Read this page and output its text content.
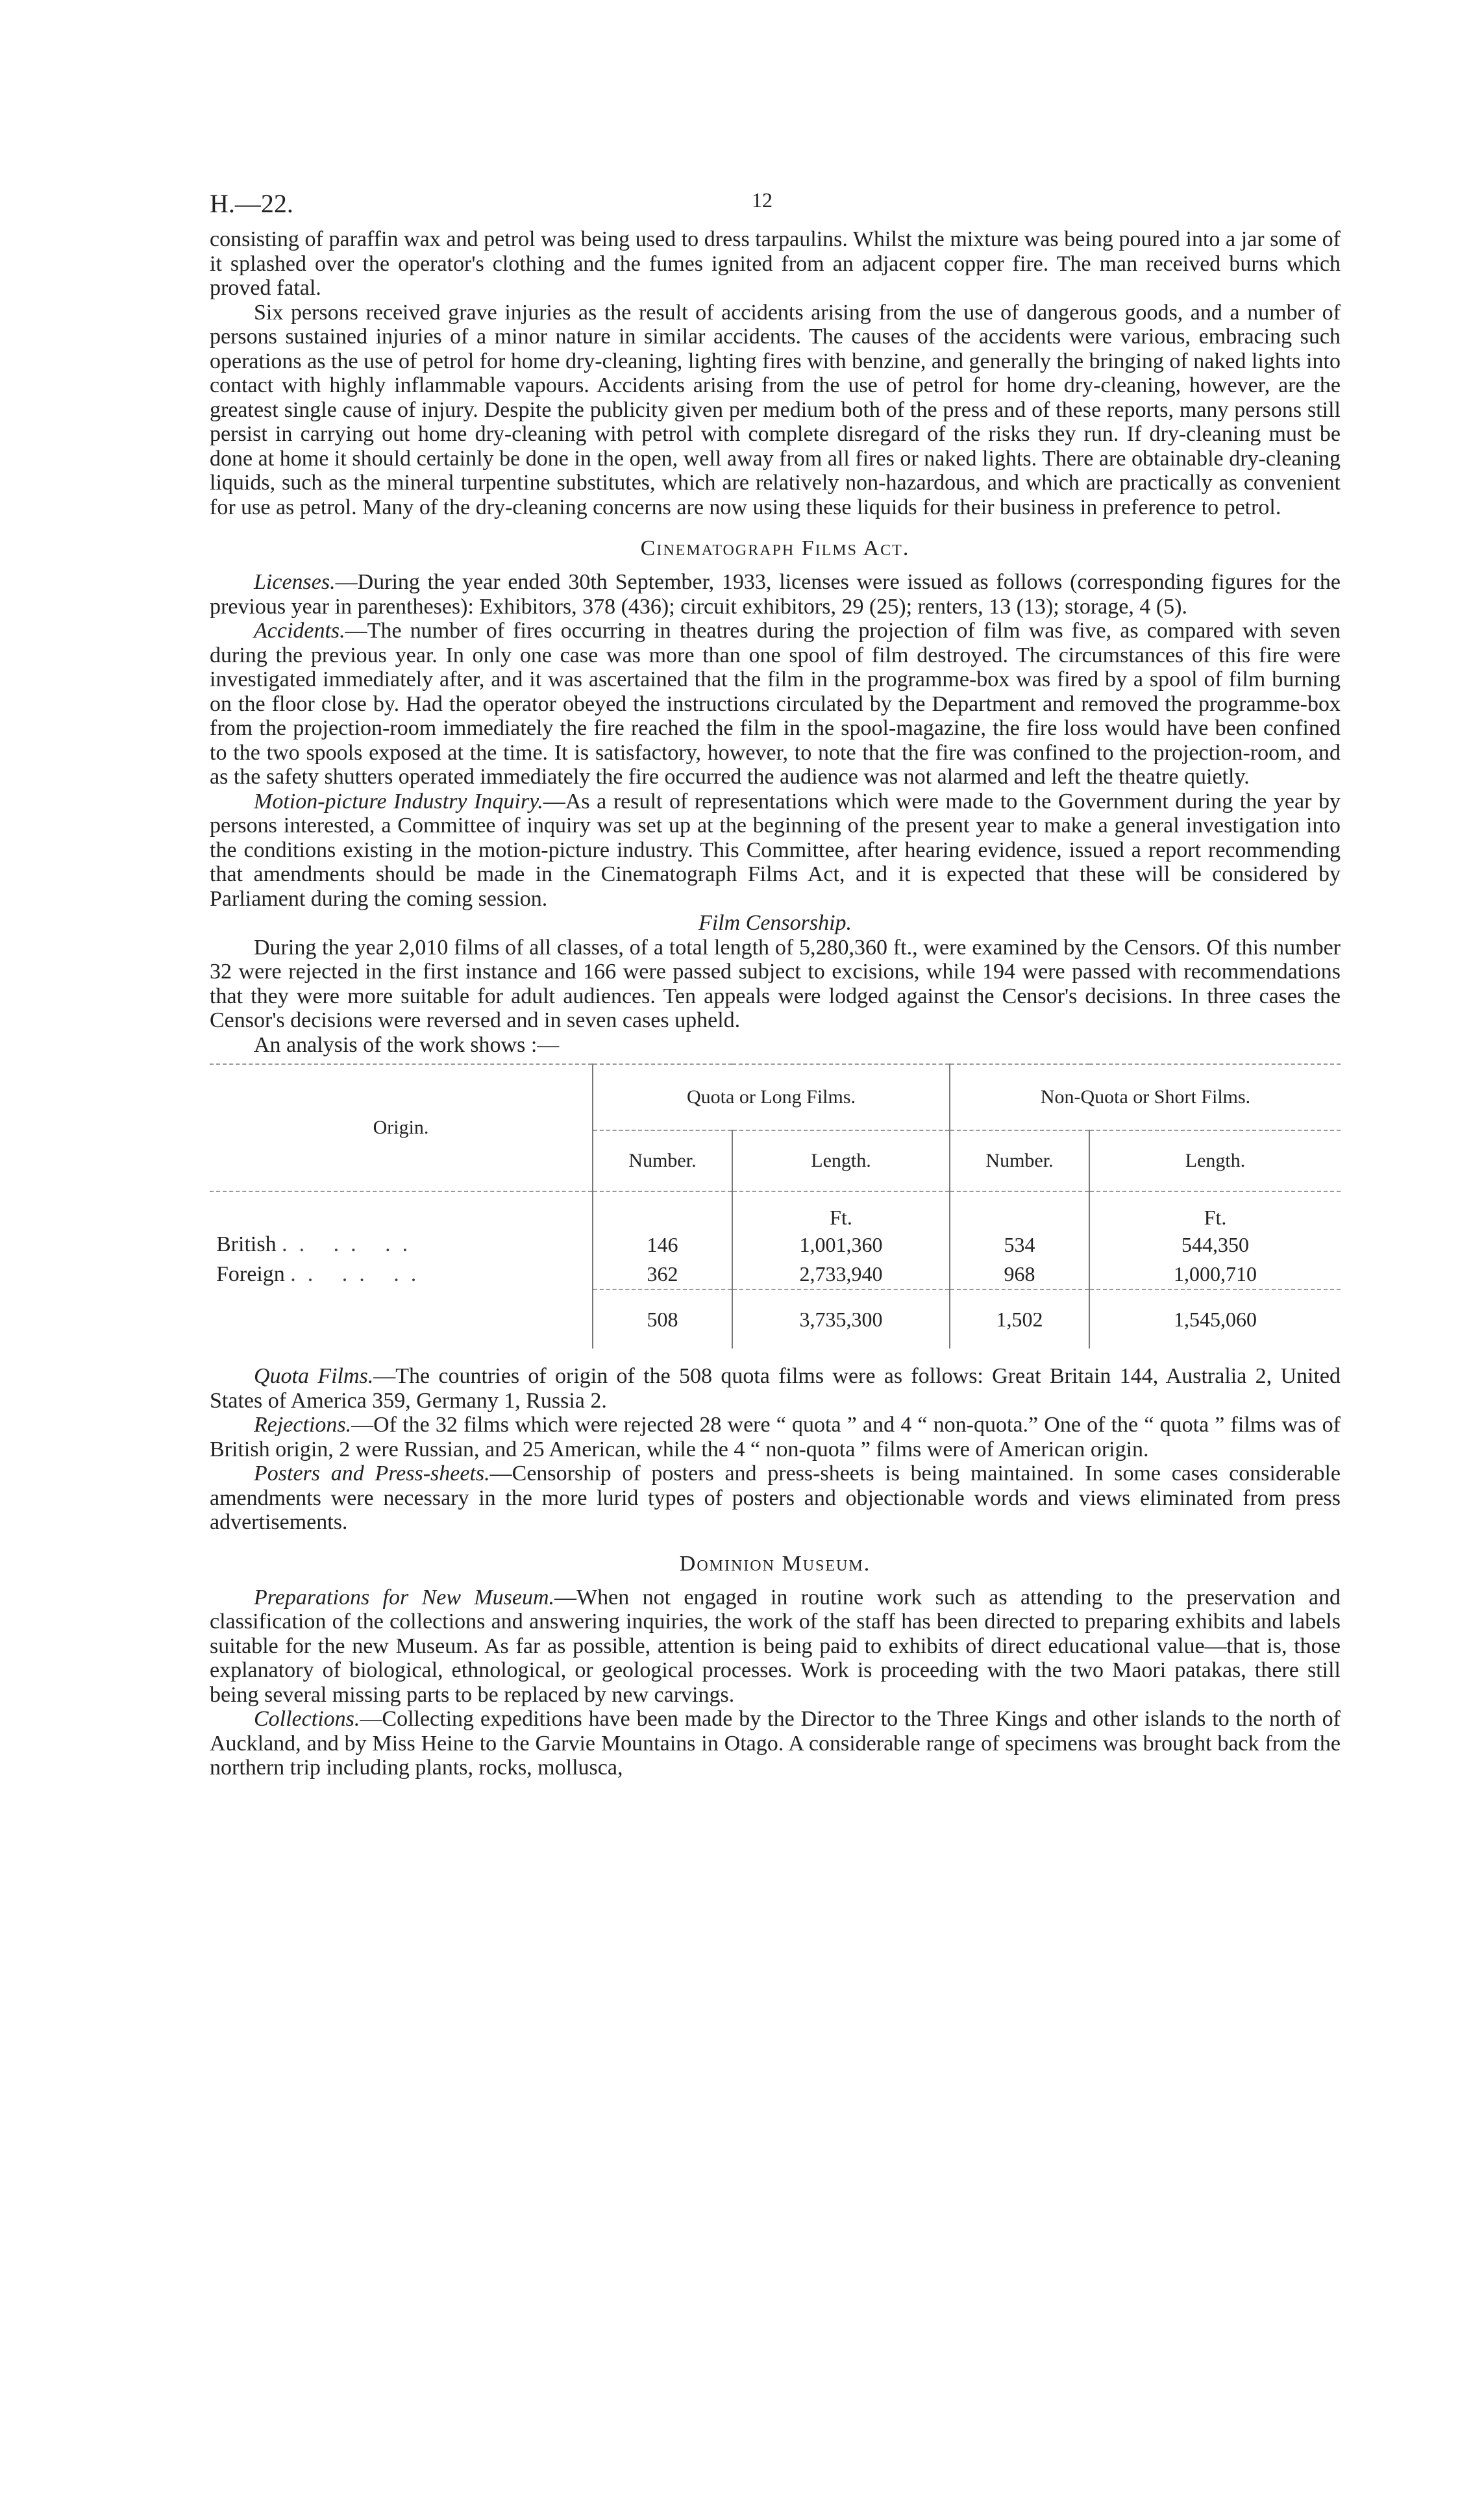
H.—22.	12

consisting of paraffin wax and petrol was being used to dress tarpaulins. Whilst the mixture was being poured into a jar some of it splashed over the operator's clothing and the fumes ignited from an adjacent copper fire. The man received burns which proved fatal.

Six persons received grave injuries as the result of accidents arising from the use of dangerous goods, and a number of persons sustained injuries of a minor nature in similar accidents. The causes of the accidents were various, embracing such operations as the use of petrol for home dry-cleaning, lighting fires with benzine, and generally the bringing of naked lights into contact with highly inflammable vapours. Accidents arising from the use of petrol for home dry-cleaning, however, are the greatest single cause of injury. Despite the publicity given per medium both of the press and of these reports, many persons still persist in carrying out home dry-cleaning with petrol with complete disregard of the risks they run. If dry-cleaning must be done at home it should certainly be done in the open, well away from all fires or naked lights. There are obtainable dry-cleaning liquids, such as the mineral turpentine substitutes, which are relatively non-hazardous, and which are practically as convenient for use as petrol. Many of the dry-cleaning concerns are now using these liquids for their business in preference to petrol.

Cinematograph Films Act.

Licenses.—During the year ended 30th September, 1933, licenses were issued as follows (corresponding figures for the previous year in parentheses): Exhibitors, 378 (436); circuit exhibitors, 29 (25); renters, 13 (13); storage, 4 (5).

Accidents.—The number of fires occurring in theatres during the projection of film was five, as compared with seven during the previous year. In only one case was more than one spool of film destroyed. The circumstances of this fire were investigated immediately after, and it was ascertained that the film in the programme-box was fired by a spool of film burning on the floor close by. Had the operator obeyed the instructions circulated by the Department and removed the programme-box from the projection-room immediately the fire reached the film in the spool-magazine, the fire loss would have been confined to the two spools exposed at the time. It is satisfactory, however, to note that the fire was confined to the projection-room, and as the safety shutters operated immediately the fire occurred the audience was not alarmed and left the theatre quietly.

Motion-picture Industry Inquiry.—As a result of representations which were made to the Government during the year by persons interested, a Committee of inquiry was set up at the beginning of the present year to make a general investigation into the conditions existing in the motion-picture industry. This Committee, after hearing evidence, issued a report recommending that amendments should be made in the Cinematograph Films Act, and it is expected that these will be considered by Parliament during the coming session.

Film Censorship.

During the year 2,010 films of all classes, of a total length of 5,280,360 ft., were examined by the Censors. Of this number 32 were rejected in the first instance and 166 were passed subject to excisions, while 194 were passed with recommendations that they were more suitable for adult audiences. Ten appeals were lodged against the Censor's decisions. In three cases the Censor's decisions were reversed and in seven cases upheld.

An analysis of the work shows :—

Origin.	Quota or Long Films.		Non-Quota or Short Films.	
	Number.	Length.	Number.	Length.
		Ft.		Ft.
British .. .. ..	146	1,001,360	534	544,350
Foreign .. .. ..	362	2,733,940	968	1,000,710
	508	3,735,300	1,502	1,545,060

Quota Films.—The countries of origin of the 508 quota films were as follows: Great Britain 144, Australia 2, United States of America 359, Germany 1, Russia 2.

Rejections.—Of the 32 films which were rejected 28 were “ quota ” and 4 “ non-quota.” One of the “ quota ” films was of British origin, 2 were Russian, and 25 American, while the 4 “ non-quota ” films were of American origin.

Posters and Press-sheets.—Censorship of posters and press-sheets is being maintained. In some cases considerable amendments were necessary in the more lurid types of posters and objectionable words and views eliminated from press advertisements.

Dominion Museum.

Preparations for New Museum.—When not engaged in routine work such as attending to the preservation and classification of the collections and answering inquiries, the work of the staff has been directed to preparing exhibits and labels suitable for the new Museum. As far as possible, attention is being paid to exhibits of direct educational value—that is, those explanatory of biological, ethnological, or geological processes. Work is proceeding with the two Maori patakas, there still being several missing parts to be replaced by new carvings.

Collections.—Collecting expeditions have been made by the Director to the Three Kings and other islands to the north of Auckland, and by Miss Heine to the Garvie Mountains in Otago. A considerable range of specimens was brought back from the northern trip including plants, rocks, mollusca,
